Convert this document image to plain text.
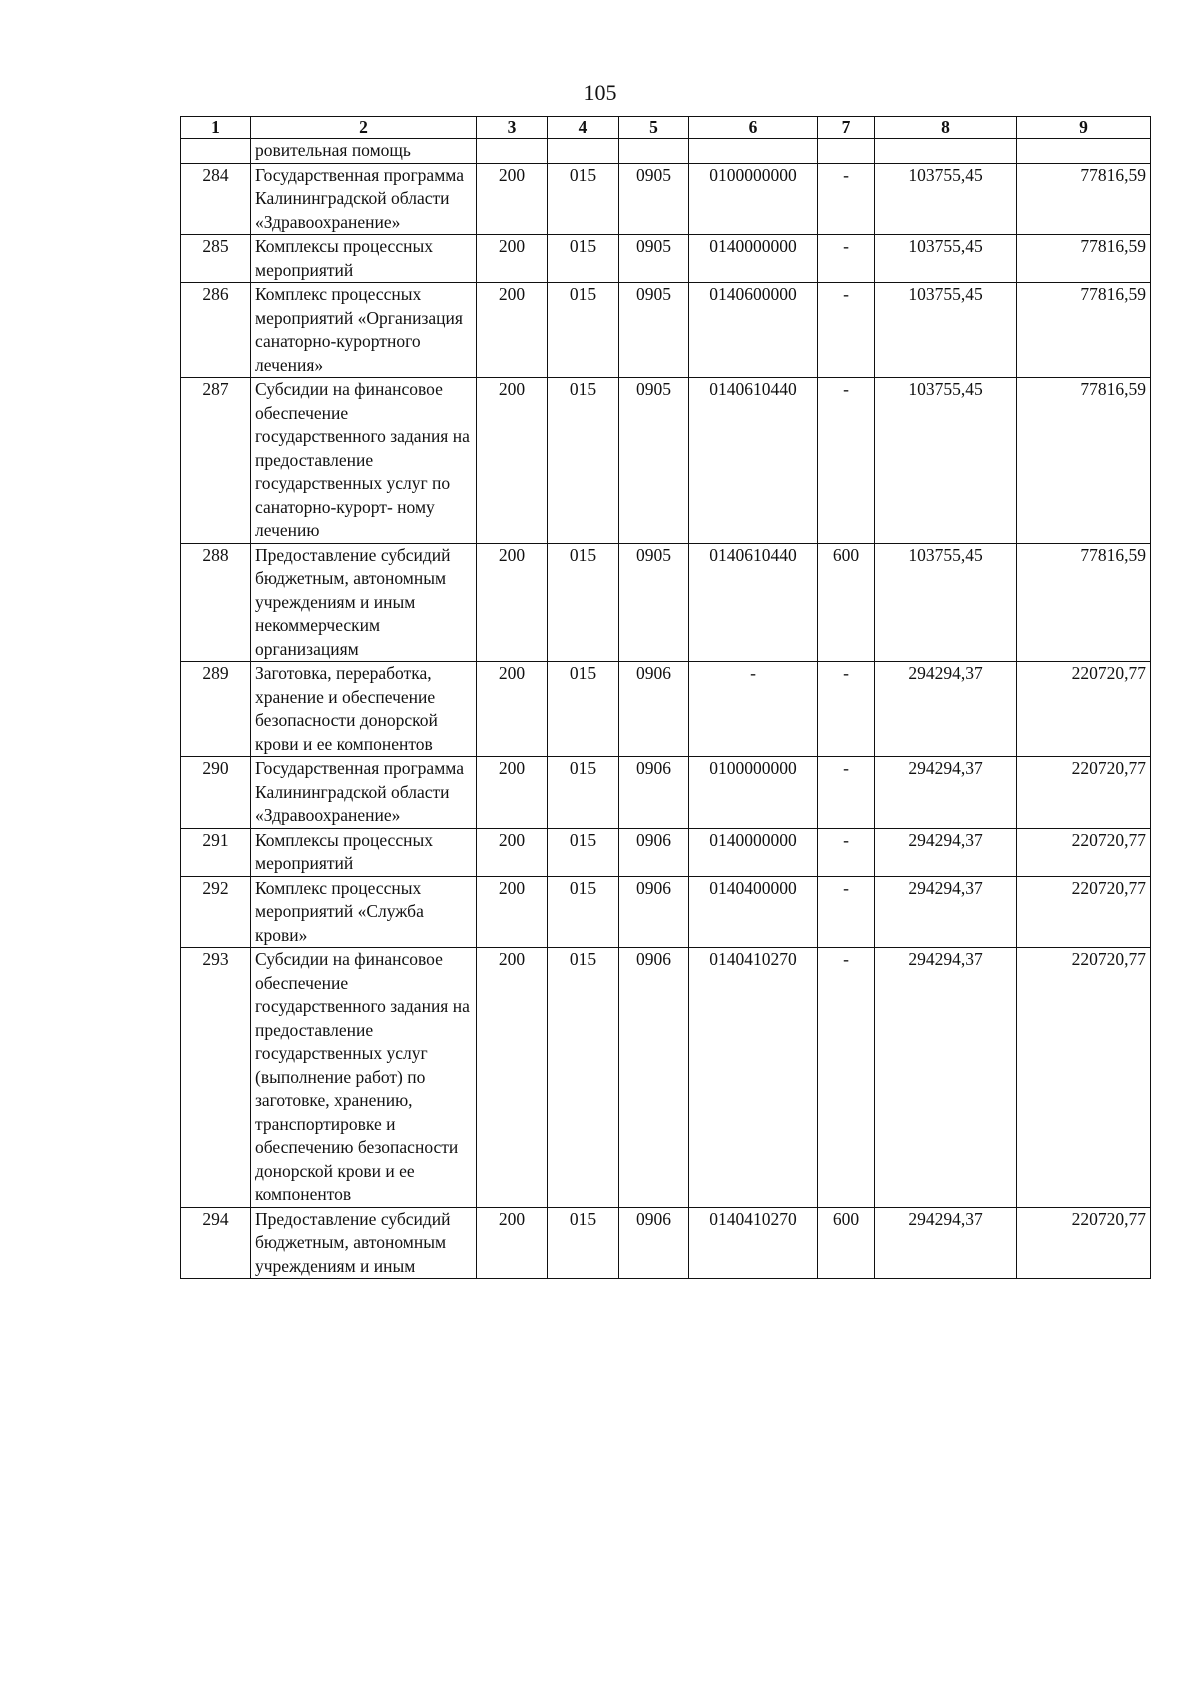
105
1	2	3	4	5	6	7	8	9
	ровительная помощь							
284	Государственная программа Калининградской области «Здравоохранение»	200	015	0905	0100000000	-	103755,45	77816,59
285	Комплексы процессных мероприятий	200	015	0905	0140000000	-	103755,45	77816,59
286	Комплекс процессных мероприятий «Организация санаторно-курортного лечения»	200	015	0905	0140600000	-	103755,45	77816,59
287	Субсидии на финансовое обеспечение государственного задания на предоставление государственных услуг по санаторно-курорт- ному лечению	200	015	0905	0140610440	-	103755,45	77816,59
288	Предоставление субсидий бюджетным, автономным учреждениям и иным некоммерческим организациям	200	015	0905	0140610440	600	103755,45	77816,59
289	Заготовка, переработка, хранение и обеспечение безопасности донорской крови и ее компонентов	200	015	0906	-	-	294294,37	220720,77
290	Государственная программа Калининградской области «Здравоохранение»	200	015	0906	0100000000	-	294294,37	220720,77
291	Комплексы процессных мероприятий	200	015	0906	0140000000	-	294294,37	220720,77
292	Комплекс процессных мероприятий «Служба крови»	200	015	0906	0140400000	-	294294,37	220720,77
293	Субсидии на финансовое обеспечение государственного задания на предоставление государственных услуг (выполнение работ) по заготовке, хранению, транспортировке и обеспечению безопасности донорской крови и ее компонентов	200	015	0906	0140410270	-	294294,37	220720,77
294	Предоставление субсидий бюджетным, автономным учреждениям и иным	200	015	0906	0140410270	600	294294,37	220720,77
